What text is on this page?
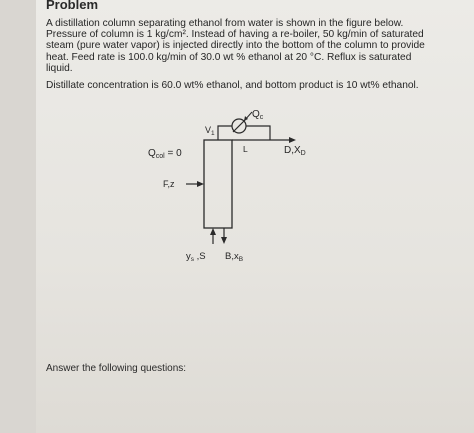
Problem
A distillation column separating ethanol from water is shown in the figure below.
Pressure of column is 1 kg/cm². Instead of having a re-boiler, 50 kg/min of saturated
steam (pure water vapor) is injected directly into the bottom of the column to provide
heat. Feed rate is 100.0 kg/min of 30.0 wt % ethanol at 20 °C. Reflux is saturated
liquid.
Distillate concentration is 60.0 wt% ethanol, and bottom product is 10 wt% ethanol.
$Q_c$
$V_1$
L	$D,X_D$
$Q_{col} = 0$
F,z
$y_s$ ,S $B,x_B$
Answer the following questions:
